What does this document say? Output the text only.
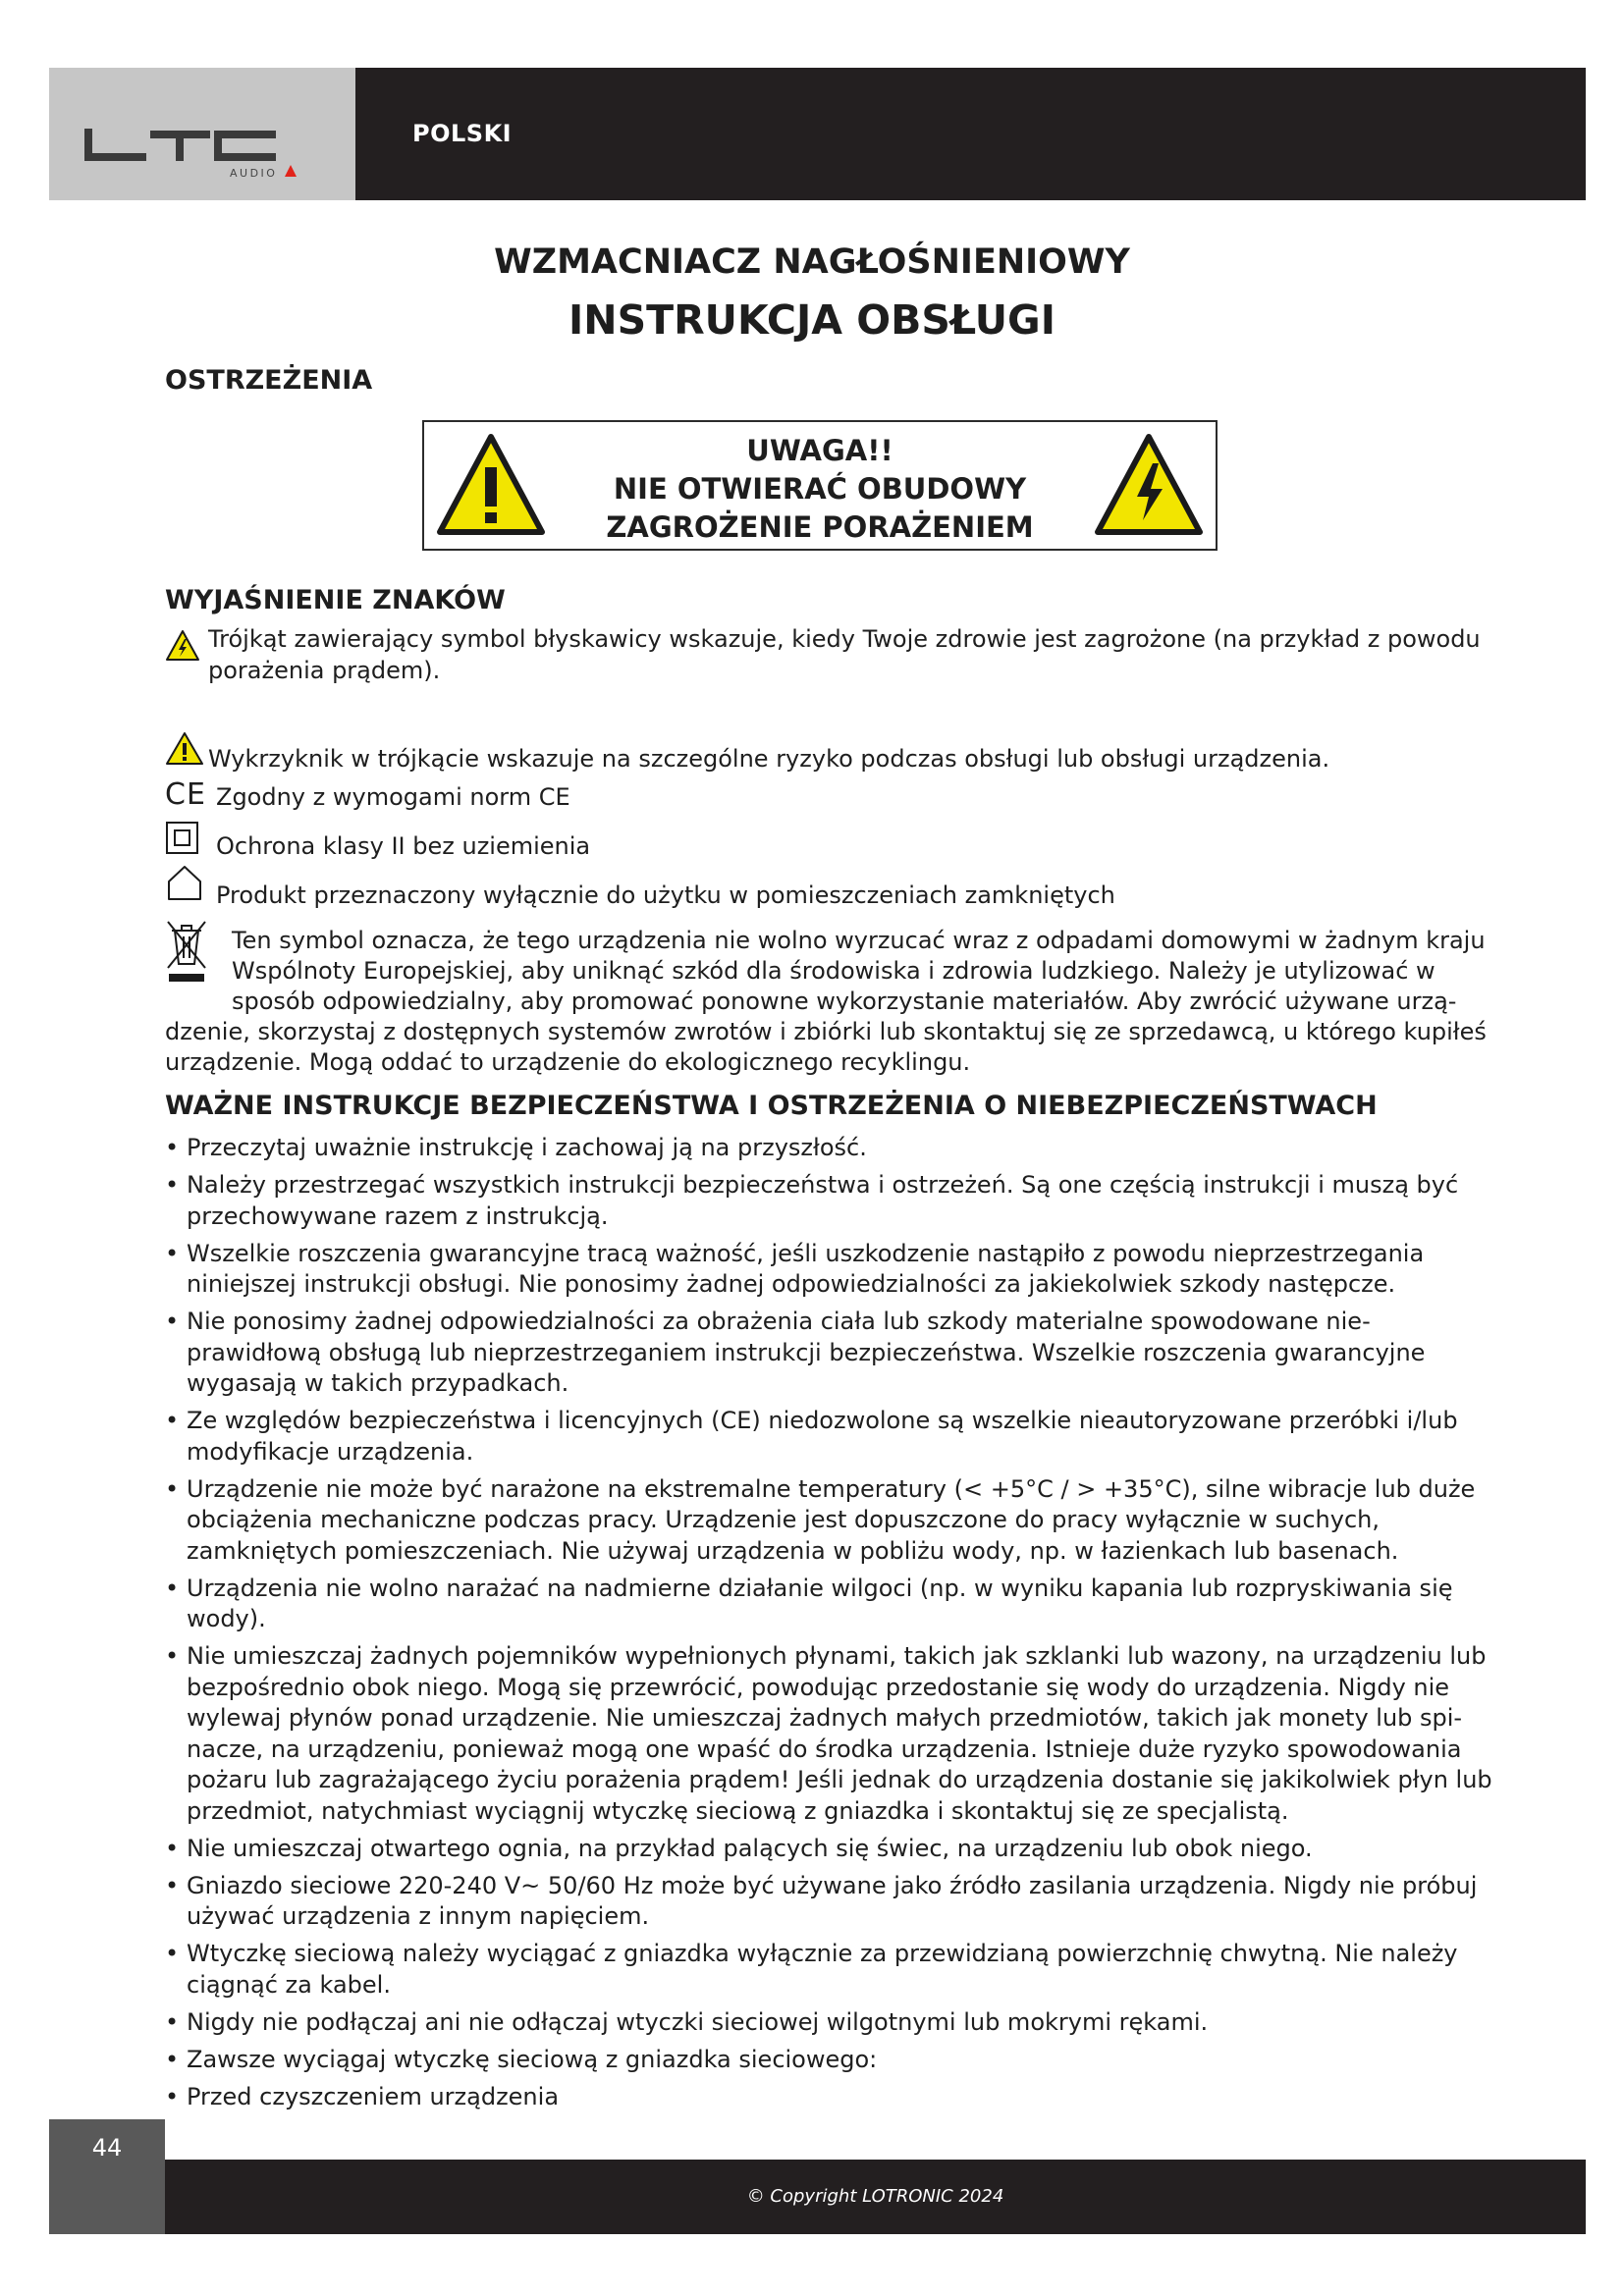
AUDIO
POLSKI
WZMACNIACZ NAGŁOŚNIENIOWY
INSTRUKCJA OBSŁUGI
OSTRZEŻENIA
UWAGA!!
NIE OTWIERAĆ OBUDOWY
ZAGROŻENIE PORAŻENIEM
WYJAŚNIENIE ZNAKÓW
Trójkąt zawierający symbol błyskawicy wskazuje, kiedy Twoje zdrowie jest zagrożone (na przykład z powodu porażenia prądem).
Wykrzyknik w trójkącie wskazuje na szczególne ryzyko podczas obsługi lub obsługi urządzenia.
CE Zgodny z wymogami norm CE
Ochrona klasy II bez uziemienia
Produkt przeznaczony wyłącznie do użytku w pomieszczeniach zamkniętych
Ten symbol oznacza, że tego urządzenia nie wolno wyrzucać wraz z odpadami domowymi w żadnym kraju
Wspólnoty Europejskiej, aby uniknąć szkód dla środowiska i zdrowia ludzkiego. Należy je utylizować w
sposób odpowiedzialny, aby promować ponowne wykorzystanie materiałów. Aby zwrócić używane urzą-
dzenie, skorzystaj z dostępnych systemów zwrotów i zbiórki lub skontaktuj się ze sprzedawcą, u którego kupiłeś
urządzenie. Mogą oddać to urządzenie do ekologicznego recyklingu.
WAŻNE INSTRUKCJE BEZPIECZEŃSTWA I OSTRZEŻENIA O NIEBEZPIECZEŃSTWACH
• Przeczytaj uważnie instrukcję i zachowaj ją na przyszłość.
• Należy przestrzegać wszystkich instrukcji bezpieczeństwa i ostrzeżeń. Są one częścią instrukcji i muszą być przechowywane razem z instrukcją.
• Wszelkie roszczenia gwarancyjne tracą ważność, jeśli uszkodzenie nastąpiło z powodu nieprzestrzegania niniejszej instrukcji obsługi. Nie ponosimy żadnej odpowiedzialności za jakiekolwiek szkody następcze.
• Nie ponosimy żadnej odpowiedzialności za obrażenia ciała lub szkody materialne spowodowane nie-prawidłową obsługą lub nieprzestrzeganiem instrukcji bezpieczeństwa. Wszelkie roszczenia gwarancyjne wygasają w takich przypadkach.
• Ze względów bezpieczeństwa i licencyjnych (CE) niedozwolone są wszelkie nieautoryzowane przeróbki i/lub modyfikacje urządzenia.
• Urządzenie nie może być narażone na ekstremalne temperatury (< +5°C / > +35°C), silne wibracje lub duże obciążenia mechaniczne podczas pracy. Urządzenie jest dopuszczone do pracy wyłącznie w suchych, zamkniętych pomieszczeniach. Nie używaj urządzenia w pobliżu wody, np. w łazienkach lub basenach.
• Urządzenia nie wolno narażać na nadmierne działanie wilgoci (np. w wyniku kapania lub rozpryskiwania się wody).
• Nie umieszczaj żadnych pojemników wypełnionych płynami, takich jak szklanki lub wazony, na urządzeniu lub bezpośrednio obok niego. Mogą się przewrócić, powodując przedostanie się wody do urządzenia. Nigdy nie wylewaj płynów ponad urządzenie. Nie umieszczaj żadnych małych przedmiotów, takich jak monety lub spi-nacze, na urządzeniu, ponieważ mogą one wpaść do środka urządzenia. Istnieje duże ryzyko spowodowania pożaru lub zagrażającego życiu porażenia prądem! Jeśli jednak do urządzenia dostanie się jakikolwiek płyn lub przedmiot, natychmiast wyciągnij wtyczkę sieciową z gniazdka i skontaktuj się ze specjalistą.
• Nie umieszczaj otwartego ognia, na przykład palących się świec, na urządzeniu lub obok niego.
• Gniazdo sieciowe 220-240 V~ 50/60 Hz może być używane jako źródło zasilania urządzenia. Nigdy nie próbuj używać urządzenia z innym napięciem.
• Wtyczkę sieciową należy wyciągać z gniazdka wyłącznie za przewidzianą powierzchnię chwytną. Nie należy ciągnąć za kabel.
• Nigdy nie podłączaj ani nie odłączaj wtyczki sieciowej wilgotnymi lub mokrymi rękami.
• Zawsze wyciągaj wtyczkę sieciową z gniazdka sieciowego:
• Przed czyszczeniem urządzenia
44
© Copyright LOTRONIC 2024
